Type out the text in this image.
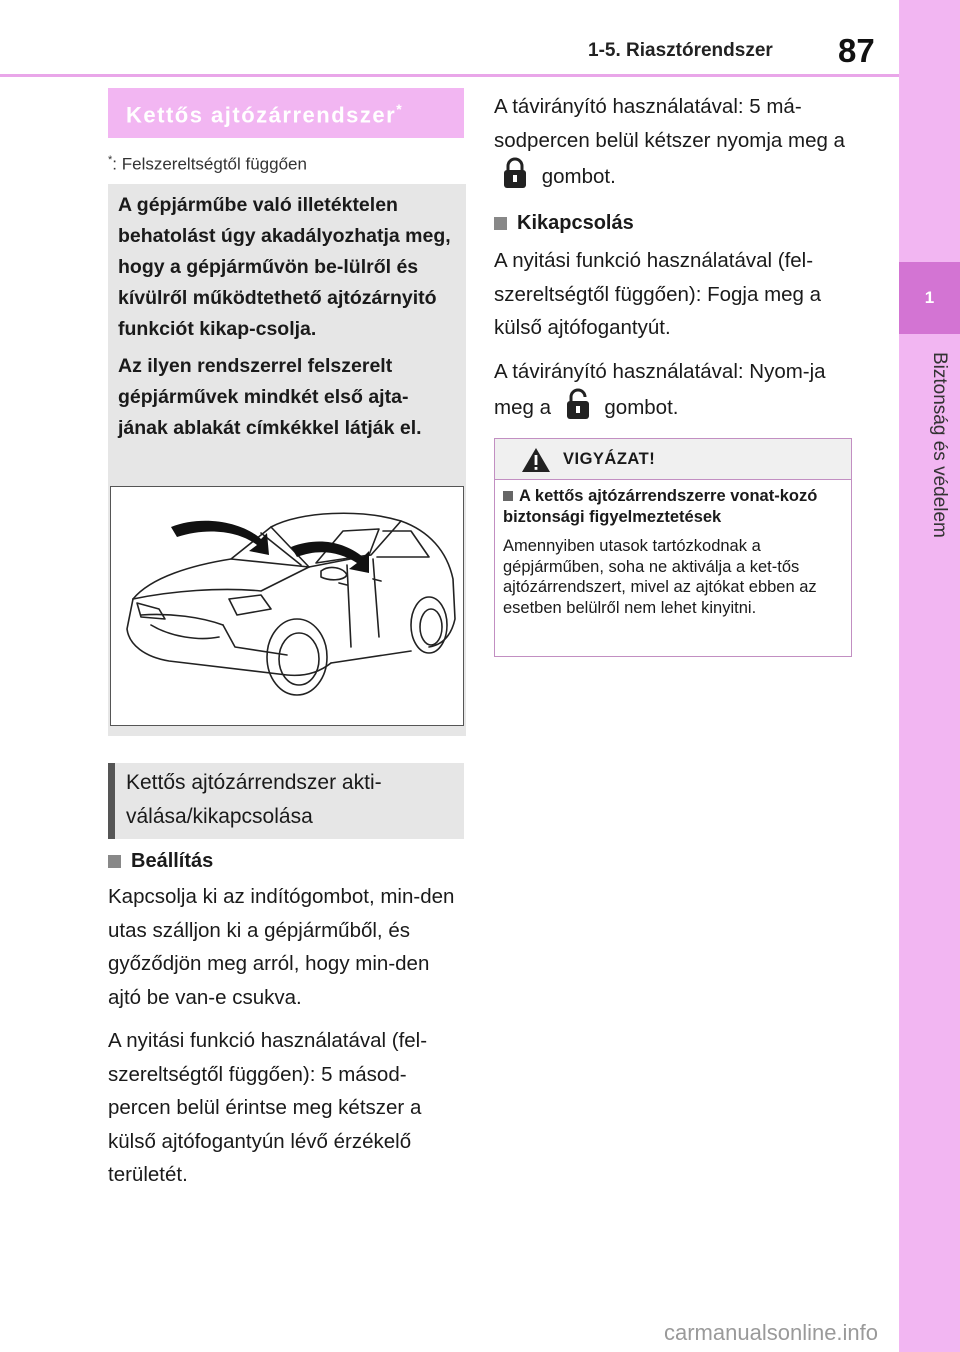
1-5. Riasztórendszer 87
1
Biztonság és védelem
Kettős ajtózárrendszer*
*: Felszereltségtől függően

A gépjárműbe való illetéktelen behatolást úgy akadályozhatja meg, hogy a gépjárművön be-lülről és kívülről működtethető ajtózárnyitó funkciót kikap-csolja.

Az ilyen rendszerrel felszerelt gépjárművek mindkét első ajta-jának ablakát címkékkel látják el.

Kettős ajtózárrendszer akti-válása/kikapcsolása
Beállítás

Kapcsolja ki az indítógombot, min-den utas szálljon ki a gépjárműből, és győződjön meg arról, hogy min-den ajtó be van-e csukva.

A nyitási funkció használatával (fel-szereltségtől függően): 5 másod-percen belül érintse meg kétszer a külső ajtófogantyún lévő érzékelő területét.

A távirányító használatával: 5 má-sodpercen belül kétszer nyomja meg a  gombot.
Kikapcsolás

A nyitási funkció használatával (fel-szereltségtől függően): Fogja meg a külső ajtófogantyút.

A távirányító használatával: Nyom-ja meg a	gombot.

VIGYÁZAT!
A kettős ajtózárrendszerre vonat-kozó biztonsági figyelmeztetések
Amennyiben utasok tartózkodnak a gépjárműben, soha ne aktiválja a ket-tős ajtózárrendszert, mivel az ajtókat ebben az esetben belülről nem lehet kinyitni.
carmanualsonline.info
